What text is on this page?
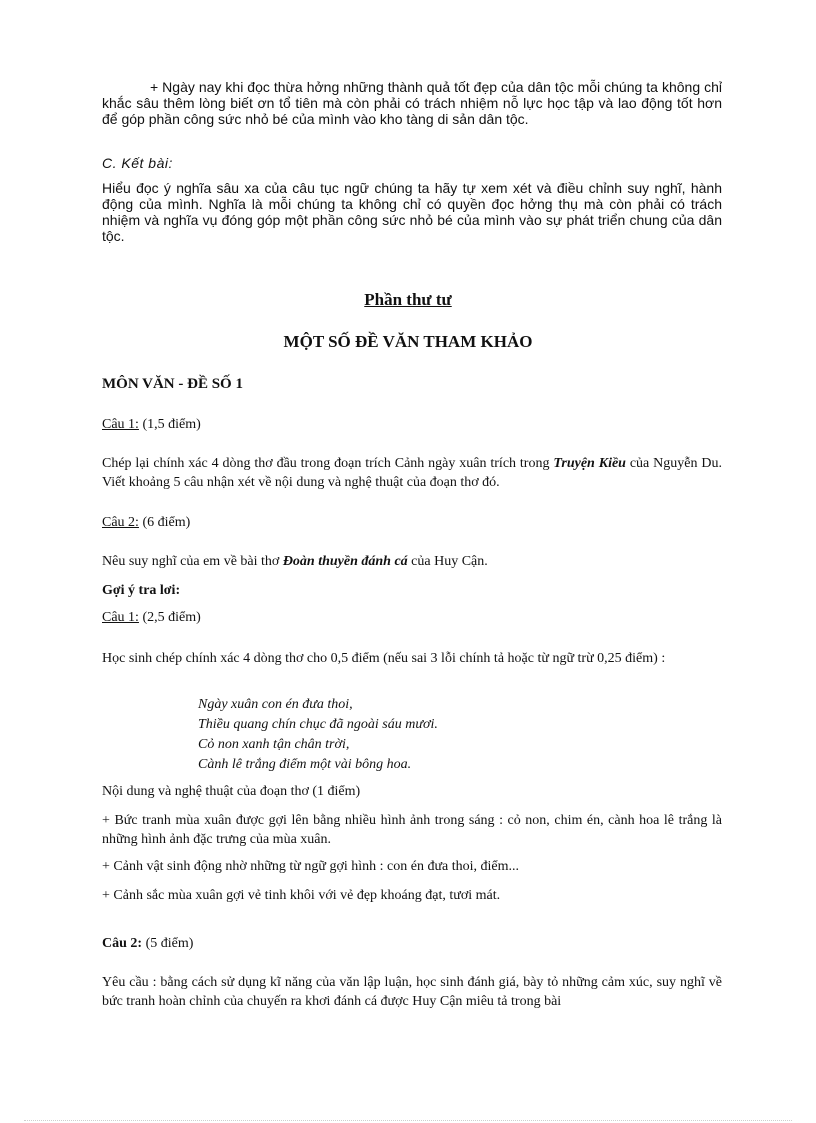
+ Ngày nay khi đọc thừa hởng những thành quả tốt đẹp của dân tộc mỗi chúng ta không chỉ khắc sâu thêm lòng biết ơn tổ tiên mà còn phải có trách nhiệm nỗ lực học tập và lao động tốt hơn để góp phần công sức nhỏ bé của mình vào kho tàng di sản dân tộc.

C. Kết bài:

Hiểu đọc ý nghĩa sâu xa của câu tục ngữ chúng ta hãy tự xem xét và điều chỉnh suy nghĩ, hành động của mình. Nghĩa là mỗi chúng ta không chỉ có quyền đọc hởng thụ mà còn phải có trách nhiệm và nghĩa vụ đóng góp một phần công sức nhỏ bé của mình vào sự phát triển chung của dân tộc.

Phần thư tư

MỘT SỐ ĐỀ VĂN THAM KHẢO

MÔN VĂN - ĐỀ SỐ 1

Câu 1: (1,5 điểm)

Chép lại chính xác 4 dòng thơ đầu trong đoạn trích Cảnh ngày xuân trích trong Truyện Kiều của Nguyễn Du. Viết khoảng 5 câu nhận xét về nội dung và nghệ thuật của đoạn thơ đó.

Câu 2: (6 điểm)

Nêu suy nghĩ của em về bài thơ Đoàn thuyền đánh cá của Huy Cận.

Gợi ý tra lơi:

Câu 1: (2,5 điểm)

Học sinh chép chính xác 4 dòng thơ cho 0,5 điểm (nếu sai 3 lỗi chính tả hoặc từ ngữ trừ 0,25 điểm) :

Ngày xuân con én đưa thoi,
Thiều quang chín chục đã ngoài sáu mươi.
Cỏ non xanh tận chân trời,
Cành lê trắng điểm một vài bông hoa.

Nội dung và nghệ thuật của đoạn thơ (1 điểm)

+ Bức tranh mùa xuân được gợi lên bằng nhiều hình ảnh trong sáng : cỏ non, chim én, cành hoa lê trắng là những hình ảnh đặc trưng của mùa xuân.

+ Cảnh vật sinh động nhờ những từ ngữ gợi hình : con én đưa thoi, điểm...

+ Cảnh sắc mùa xuân gợi vẻ tinh khôi với vẻ đẹp khoáng đạt, tươi mát.

Câu 2: (5 điểm)

Yêu cầu : bằng cách sử dụng kĩ năng của văn lập luận, học sinh đánh giá, bày tỏ những cảm xúc, suy nghĩ về bức tranh hoàn chỉnh của chuyến ra khơi đánh cá được Huy Cận miêu tả trong bài
